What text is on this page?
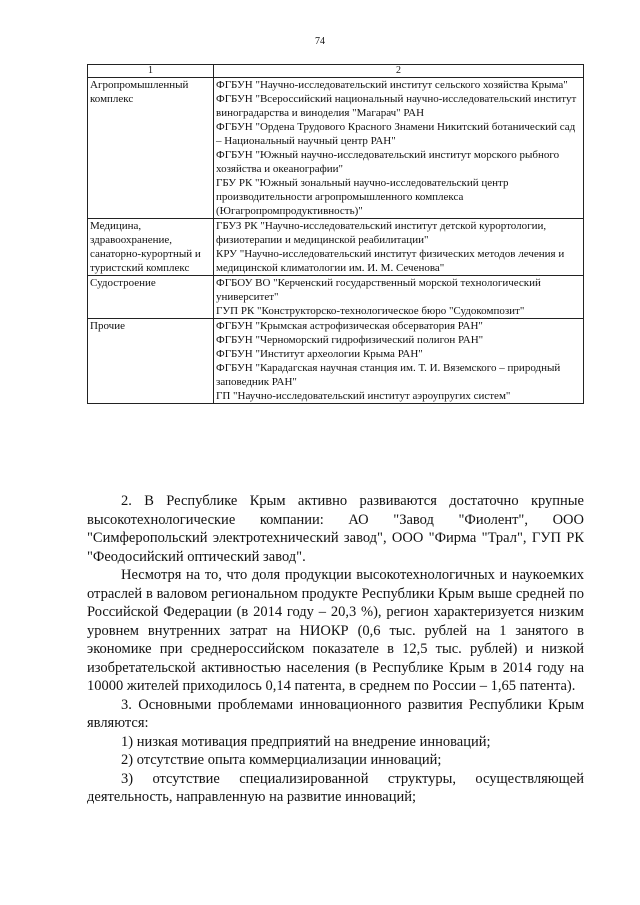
74
1	2
Агропромышленный комплекс	ФГБУН "Научно-исследовательский институт сельского хозяйства Крыма"
ФГБУН "Всероссийский национальный научно-исследовательский институт виноградарства и виноделия "Магарач" РАН
ФГБУН "Ордена Трудового Красного Знамени Никитский ботанический сад – Национальный научный центр РАН"
ФГБУН "Южный научно-исследовательский институт морского рыбного хозяйства и океанографии"
ГБУ РК "Южный зональный научно-исследовательский центр производительности агропромышленного комплекса (Югагропромпродуктивность)"

Медицина, здравоохранение, санаторно-курортный и туристский комплекс	ГБУЗ РК "Научно-исследовательский институт детской курортологии, физиотерапии и медицинской реабилитации"
КРУ "Научно-исследовательский институт физических методов лечения и медицинской климатологии им. И. М. Сеченова"

Судостроение	ФГБОУ ВО "Керченский государственный морской технологический университет"
ГУП РК "Конструкторско-технологическое бюро "Судокомпозит"

Прочие	ФГБУН "Крымская астрофизическая обсерватория РАН"
ФГБУН "Черноморский гидрофизический полигон РАН"
ФГБУН "Институт археологии Крыма РАН"
ФГБУН "Карадагская научная станция им. Т. И. Вяземского – природный заповедник РАН"
ГП "Научно-исследовательский институт аэроупругих систем"

2. В Республике Крым активно развиваются достаточно крупные высокотехнологические компании: АО "Завод "Фиолент", ООО "Симферопольский электротехнический завод", ООО "Фирма "Трал", ГУП РК "Феодосийский оптический завод".

Несмотря на то, что доля продукции высокотехнологичных и наукоемких отраслей в валовом региональном продукте Республики Крым выше средней по Российской Федерации (в 2014 году – 20,3 %), регион характеризуется низким уровнем внутренних затрат на НИОКР (0,6 тыс. рублей на 1 занятого в экономике при среднероссийском показателе в 12,5 тыс. рублей) и низкой изобретательской активностью населения (в Республике Крым в 2014 году на 10000 жителей приходилось 0,14 патента, в среднем по России – 1,65 патента).

3. Основными проблемами инновационного развития Республики Крым являются:

1) низкая мотивация предприятий на внедрение инноваций;

2) отсутствие опыта коммерциализации инноваций;

3) отсутствие специализированной структуры, осуществляющей деятельность, направленную на развитие инноваций;
